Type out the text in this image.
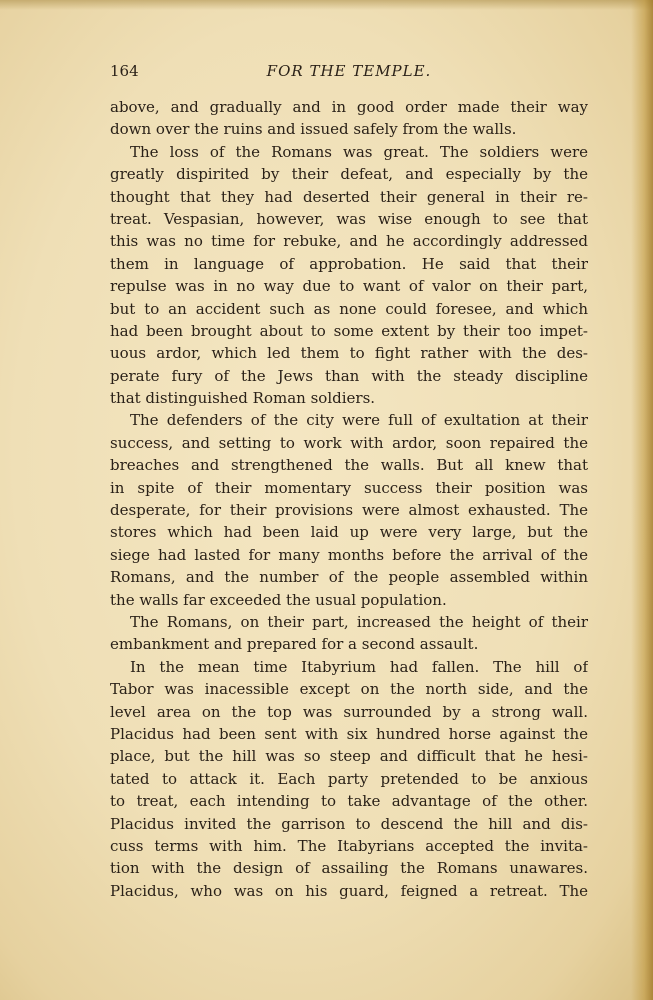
164	FOR THE TEMPLE.
above, and gradually and in good order made their way
down over the ruins and issued safely from the walls.
The loss of the Romans was great. The soldiers were
greatly dispirited by their defeat, and especially by the
thought that they had deserted their general in their re-
treat. Vespasian, however, was wise enough to see that
this was no time for rebuke, and he accordingly addressed
them in language of approbation. He said that their
repulse was in no way due to want of valor on their part,
but to an accident such as none could foresee, and which
had been brought about to some extent by their too impet-
uous ardor, which led them to fight rather with the des-
perate fury of the Jews than with the steady discipline
that distinguished Roman soldiers.
The defenders of the city were full of exultation at their
success, and setting to work with ardor, soon repaired the
breaches and strengthened the walls. But all knew that
in spite of their momentary success their position was
desperate, for their provisions were almost exhausted. The
stores which had been laid up were very large, but the
siege had lasted for many months before the arrival of the
Romans, and the number of the people assembled within
the walls far exceeded the usual population.
The Romans, on their part, increased the height of their
embankment and prepared for a second assault.
In the mean time Itabyrium had fallen. The hill of
Tabor was inacessible except on the north side, and the
level area on the top was surrounded by a strong wall.
Placidus had been sent with six hundred horse against the
place, but the hill was so steep and difficult that he hesi-
tated to attack it. Each party pretended to be anxious
to treat, each intending to take advantage of the other.
Placidus invited the garrison to descend the hill and dis-
cuss terms with him. The Itabyrians accepted the invita-
tion with the design of assailing the Romans unawares.
Placidus, who was on his guard, feigned a retreat. The
